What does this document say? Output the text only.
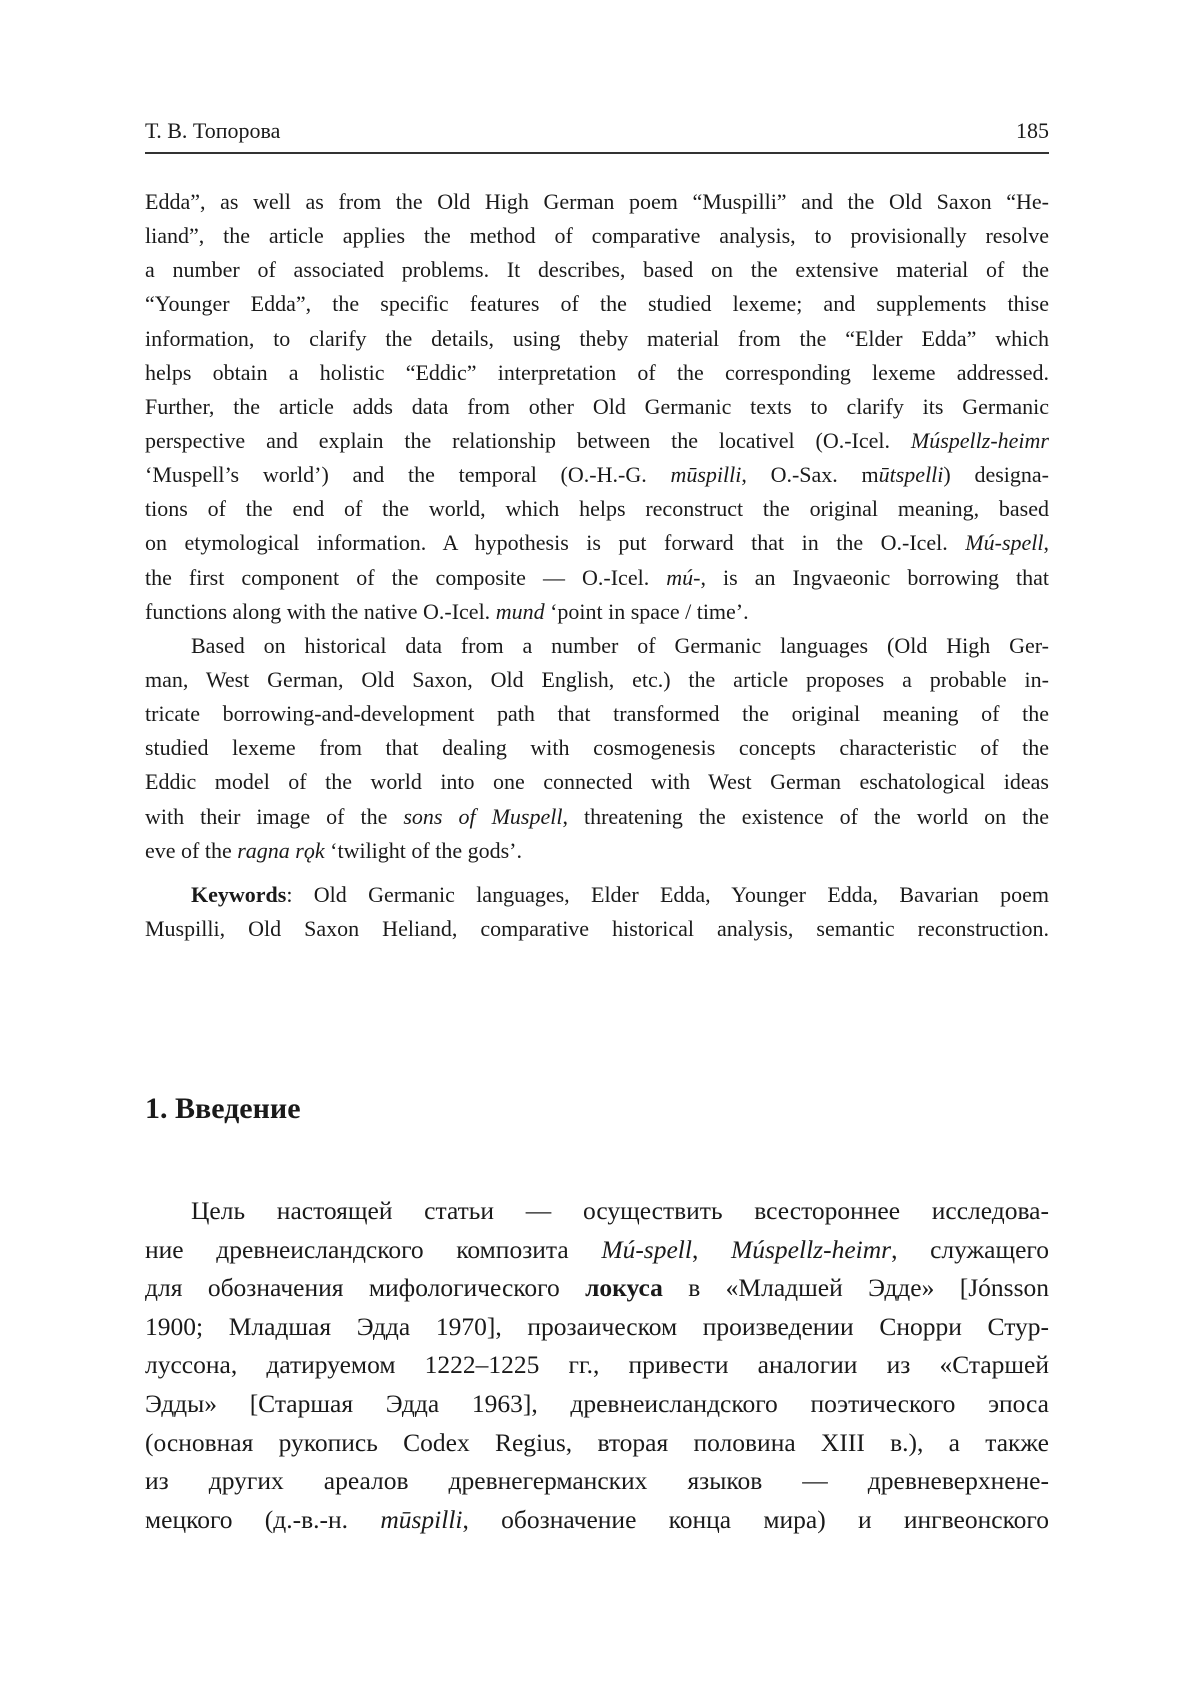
Т. В. Топорова	185
Edda”, as well as from the Old High German poem “Muspilli” and the Old Saxon “He-
liand”, the article applies the method of comparative analysis, to provisionally resolve
a number of associated problems. It describes, based on the extensive material of the
“Younger Edda”, the specific features of the studied lexeme; and supplements thise
information, to clarify the details, using theby material from the “Elder Edda” which
helps obtain a holistic “Eddic” interpretation of the corresponding lexeme addressed.
Further, the article adds data from other Old Germanic texts to clarify its Germanic
perspective and explain the relationship between the locativel (O.-Icel. Múspellz-heimr
‘Muspell’s world’) and the temporal (O.-H.-G. mūspilli, O.-Sax. mūtspelli) designa-
tions of the end of the world, which helps reconstruct the original meaning, based
on etymological information. A hypothesis is put forward that in the O.-Icel. Mú-spell,
the first component of the composite — O.-Icel. mú-, is an Ingvaeonic borrowing that
functions along with the native O.-Icel. mund ‘point in space / time’.
Based on historical data from a number of Germanic languages (Old High Ger-
man, West German, Old Saxon, Old English, etc.) the article proposes a probable in-
tricate borrowing-and-development path that transformed the original meaning of the
studied lexeme from that dealing with cosmogenesis concepts characteristic of the
Eddic model of the world into one connected with West German eschatological ideas
with their image of the sons of Muspell, threatening the existence of the world on the
eve of the ragna rǫk ‘twilight of the gods’.
Keywords: Old Germanic languages, Elder Edda, Younger Edda, Bavarian poem
Muspilli, Old Saxon Heliand, comparative historical analysis, semantic reconstruction.
1. Введение
Цель настоящей статьи — осуществить всестороннее исследова-
ние древнеисландского композита Mú-spell, Múspellz-heimr, служащего
для обозначения мифологического локуса в «Младшей Эдде» [Jónsson
1900; Младшая Эдда 1970], прозаическом произведении Снорри Стур-
луссона, датируемом 1222–1225 гг., привести аналогии из «Старшей
Эдды» [Старшая Эдда 1963], древнеисландского поэтического эпоса
(основная рукопись Codex Regius, вторая половина XIII в.), а также
из других ареалов древнегерманских языков — древневерхнене-
мецкого (д.-в.-н. mūspilli, обозначение конца мира) и ингвеонского
